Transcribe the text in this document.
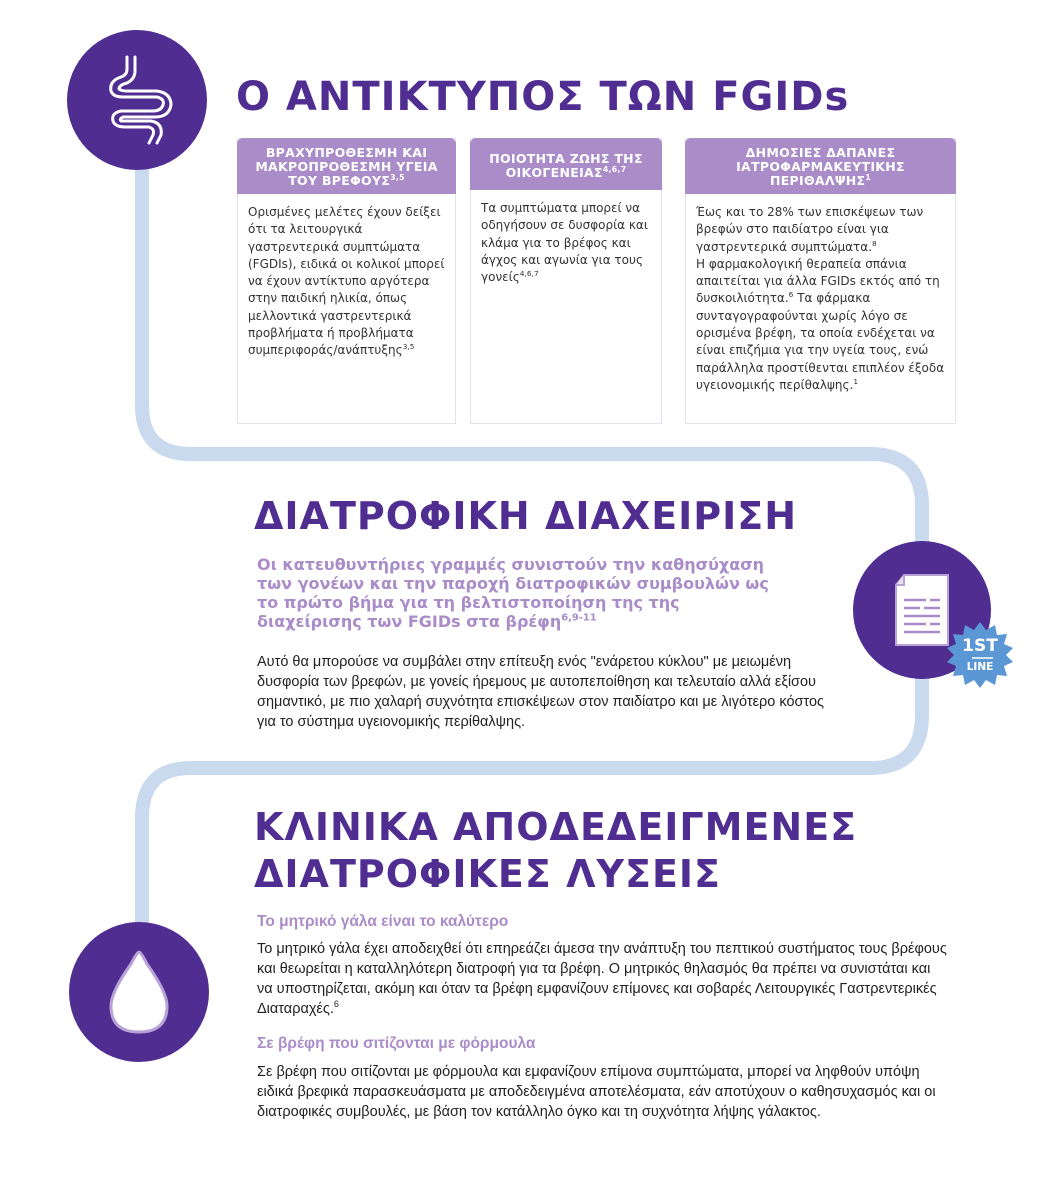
Ο ΑΝΤΙΚΤΥΠΟΣ ΤΩΝ FGIDs
ΒΡΑΧΥΠΡΟΘΕΣΜΗ ΚΑΙ ΜΑΚΡΟΠΡΟΘΕΣΜΗ ΥΓΕΙΑ ΤΟΥ ΒΡΕΦΟΥΣ$^{3,5}$
Ορισμένες μελέτες έχουν δείξει ότι τα λειτουργικά γαστρεντερικά συμπτώματα (FGDIs), ειδικά οι κολικοί μπορεί να έχουν αντίκτυπο αργότερα στην παιδική ηλικία, όπως μελλοντικά γαστρεντερικά προβλήματα ή προβλήματα συμπεριφοράς/ανάπτυξης$^{3,5}$
ΠΟΙΟΤΗΤΑ ΖΩΗΣ ΤΗΣ ΟΙΚΟΓΕΝΕΙΑΣ$^{4,6,7}$
Τα συμπτώματα μπορεί να οδηγήσουν σε δυσφορία και κλάμα για το βρέφος και άγχος και αγωνία για τους γονείς$^{4,6,7}$
ΔΗΜΟΣΙΕΣ ΔΑΠΑΝΕΣ ΙΑΤΡΟΦΑΡΜΑΚΕΥΤΙΚΗΣ ΠΕΡΙΘΑΛΨΗΣ$^1$
Έως και το 28% των επισκέψεων των βρεφών στο παιδίατρο είναι για γαστρεντερικά συμπτώματα.$^8$
Η φαρμακολογική θεραπεία σπάνια απαιτείται για άλλα FGIDs εκτός από τη δυσκοιλιότητα.$^6$ Τα φάρμακα συνταγογραφούνται χωρίς λόγο σε ορισμένα βρέφη, τα οποία ενδέχεται να είναι επιζήμια για την υγεία τους, ενώ παράλληλα προστίθενται επιπλέον έξοδα υγειονομικής περίθαλψης.$^1$
ΔΙΑΤΡΟΦΙΚΗ ΔΙΑΧΕΙΡΙΣΗ

Οι κατευθυντήριες γραμμές συνιστούν την καθησύχαση των γονέων και την παροχή διατροφικών συμβουλών ως το πρώτο βήμα για τη βελτιστοποίηση της της διαχείρισης των FGIDs στα βρέφη$^{6,9-11}$

Αυτό θα μπορούσε να συμβάλει στην επίτευξη ενός "ενάρετου κύκλου" με μειωμένη δυσφορία των βρεφών, με γονείς ήρεμους με αυτοπεποίθηση και τελευταίο αλλά εξίσου σημαντικό, με πιο χαλαρή συχνότητα επισκέψεων στον παιδίατρο και με λιγότερο κόστος για το σύστημα υγειονομικής περίθαλψης.

1ST
LINE
ΚΛΙΝΙΚΑ ΑΠΟΔΕΔΕΙΓΜΕΝΕΣ
ΔΙΑΤΡΟΦΙΚΕΣ ΛΥΣΕΙΣ

Το μητρικό γάλα είναι το καλύτερο

Το μητρικό γάλα έχει αποδειχθεί ότι επηρεάζει άμεσα την ανάπτυξη του πεπτικού συστήματος τους βρέφους και θεωρείται η καταλληλότερη διατροφή για τα βρέφη. Ο μητρικός θηλασμός θα πρέπει να συνιστάται και να υποστηρίζεται, ακόμη και όταν τα βρέφη εμφανίζουν επίμονες και σοβαρές Λειτουργικές Γαστρεντερικές Διαταραχές.$^6$

Σε βρέφη που σιτίζονται με φόρμουλα

Σε βρέφη που σιτίζονται με φόρμουλα και εμφανίζουν επίμονα συμπτώματα, μπορεί να ληφθούν υπόψη ειδικά βρεφικά παρασκευάσματα με αποδεδειγμένα αποτελέσματα, εάν αποτύχουν ο καθησυχασμός και οι διατροφικές συμβουλές, με βάση τον κατάλληλο όγκο και τη συχνότητα λήψης γάλακτος.
